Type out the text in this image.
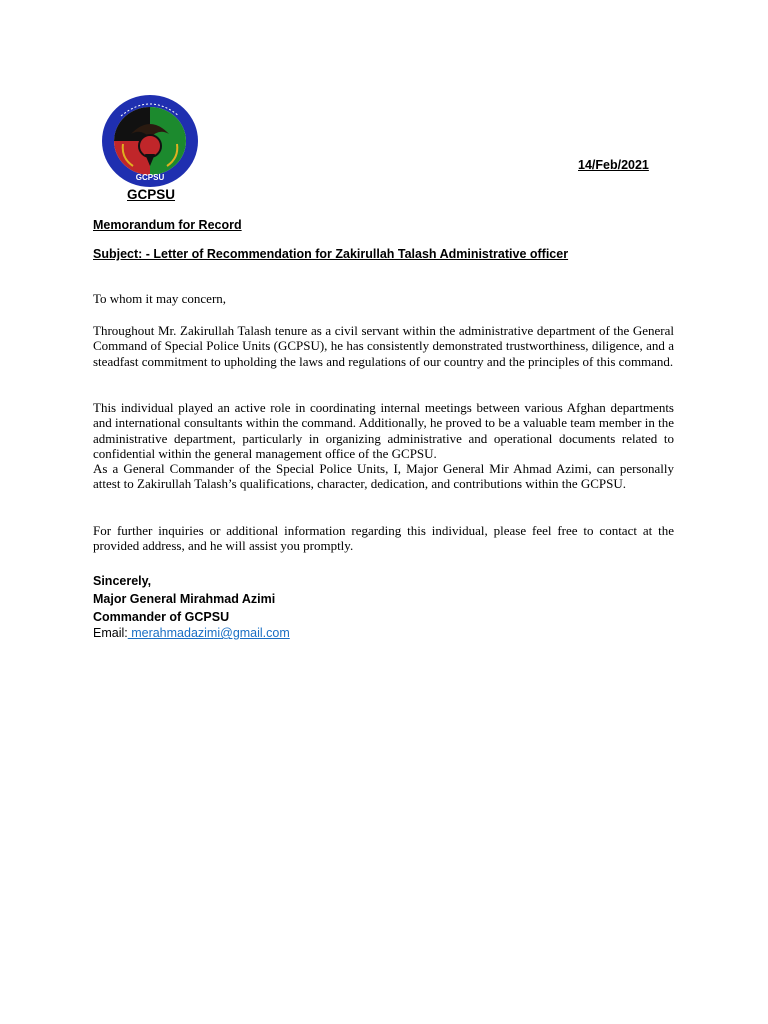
GCPSU
GCPSU
14/Feb/2021
Memorandum for Record
Subject: - Letter of Recommendation for Zakirullah Talash Administrative officer
To whom it may concern,

Throughout Mr. Zakirullah Talash tenure as a civil servant within the administrative department of the General Command of Special Police Units (GCPSU), he has consistently demonstrated trustworthiness, diligence, and a steadfast commitment to upholding the laws and regulations of our country and the principles of this command.

This individual played an active role in coordinating internal meetings between various Afghan departments and international consultants within the command. Additionally, he proved to be a valuable team member in the administrative department, particularly in organizing administrative and operational documents related to confidential within the general management office of the GCPSU.

As a General Commander of the Special Police Units, I, Major General Mir Ahmad Azimi, can personally attest to Zakirullah Talash’s qualifications, character, dedication, and contributions within the GCPSU.

For further inquiries or additional information regarding this individual, please feel free to contact at the provided address, and he will assist you promptly.

Sincerely,
Major General Mirahmad Azimi
Commander of GCPSU
Email: merahmadazimi@gmail.com
